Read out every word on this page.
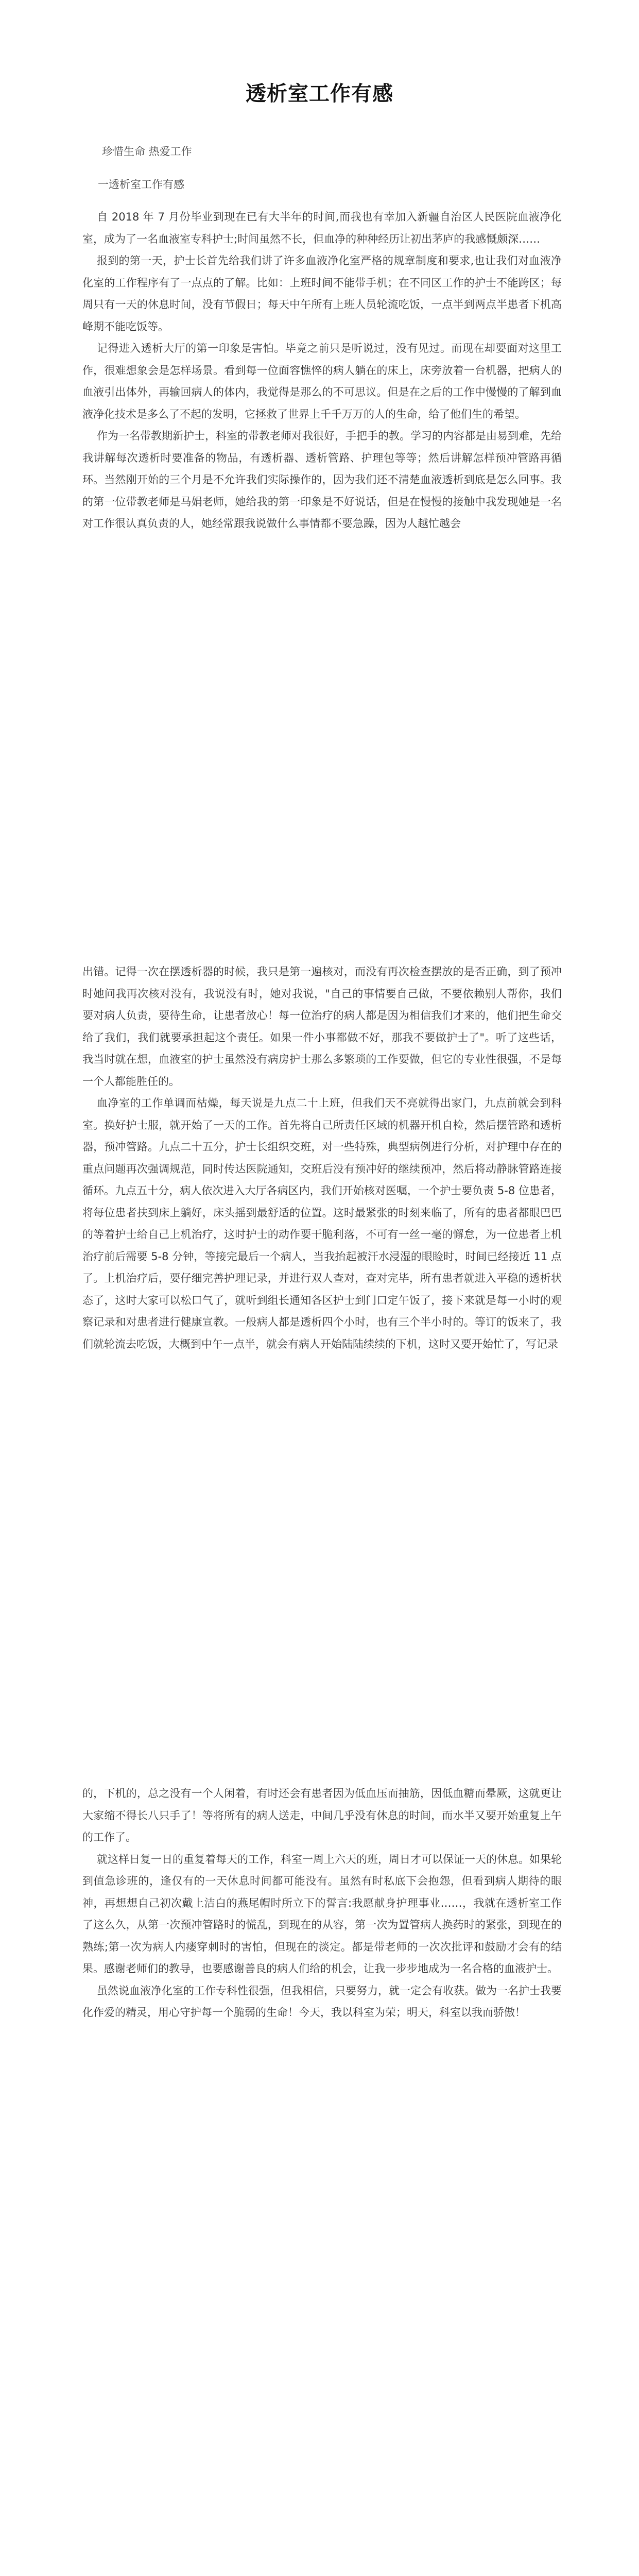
透析室工作有感
珍惜生命 热爱工作
一透析室工作有感

自 2018 年 7 月份毕业到现在已有大半年的时间,而我也有幸加入新疆自治区人民医院血液净化室，成为了一名血液室专科护士;时间虽然不长，但血净的种种经历让初出茅庐的我感慨颇深……

报到的第一天，护士长首先给我们讲了许多血液净化室严格的规章制度和要求,也让我们对血液净化室的工作程序有了一点点的了解。比如：上班时间不能带手机；在不同区工作的护士不能跨区；每周只有一天的休息时间，没有节假日；每天中午所有上班人员轮流吃饭，一点半到两点半患者下机高峰期不能吃饭等。

记得进入透析大厅的第一印象是害怕。毕竟之前只是听说过，没有见过。而现在却要面对这里工作，很难想象会是怎样场景。看到每一位面容憔悴的病人躺在的床上，床旁放着一台机器，把病人的血液引出体外，再输回病人的体内，我觉得是那么的不可思议。但是在之后的工作中慢慢的了解到血液净化技术是多么了不起的发明，它拯救了世界上千千万万的人的生命，给了他们生的希望。

作为一名带教期新护士，科室的带教老师对我很好，手把手的教。学习的内容都是由易到难，先给我讲解每次透析时要准备的物品，有透析器、透析管路、护理包等等；然后讲解怎样预冲管路再循环。当然刚开始的三个月是不允许我们实际操作的，因为我们还不清楚血液透析到底是怎么回事。我的第一位带教老师是马娟老师，她给我的第一印象是不好说话，但是在慢慢的接触中我发现她是一名对工作很认真负责的人，她经常跟我说做什么事情都不要急躁，因为人越忙越会

出错。记得一次在摆透析器的时候，我只是第一遍核对，而没有再次检查摆放的是否正确，到了预冲时她问我再次核对没有，我说没有时，她对我说，"自己的事情要自己做，不要依赖别人帮你，我们要对病人负责，要待生命，让患者放心！每一位治疗的病人都是因为相信我们才来的，他们把生命交给了我们，我们就要承担起这个责任。如果一件小事都做不好，那我不要做护士了"。听了这些话，我当时就在想，血液室的护士虽然没有病房护士那么多繁琐的工作要做，但它的专业性很强，不是每一个人都能胜任的。

血净室的工作单调而枯燥，每天说是九点二十上班，但我们天不亮就得出家门，九点前就会到科室。换好护士服，就开始了一天的工作。首先将自己所责任区域的机器开机自检，然后摆管路和透析器，预冲管路。九点二十五分，护士长组织交班，对一些特殊，典型病例进行分析，对护理中存在的重点问题再次强调规范，同时传达医院通知，交班后没有预冲好的继续预冲，然后将动静脉管路连接循环。九点五十分，病人依次进入大厅各病区内，我们开始核对医嘱，一个护士要负责 5-8 位患者，将每位患者扶到床上躺好，床头摇到最舒适的位置。这时最紧张的时刻来临了，所有的患者都眼巴巴的等着护士给自己上机治疗，这时护士的动作要干脆利落，不可有一丝一毫的懈怠，为一位患者上机治疗前后需要 5-8 分钟，等接完最后一个病人，当我抬起被汗水浸湿的眼睑时，时间已经接近 11 点了。上机治疗后，要仔细完善护理记录，并进行双人查对，查对完毕，所有患者就进入平稳的透析状态了，这时大家可以松口气了，就听到组长通知各区护士到门口定午饭了，接下来就是每一小时的观察记录和对患者进行健康宣教。一般病人都是透析四个小时，也有三个半小时的。等订的饭来了，我们就轮流去吃饭，大概到中午一点半，就会有病人开始陆陆续续的下机，这时又要开始忙了，写记录

的，下机的，总之没有一个人闲着，有时还会有患者因为低血压而抽筋，因低血糖而晕厥，这就更让大家缩不得长八只手了！等将所有的病人送走，中间几乎没有休息的时间，而水半又要开始重复上午的工作了。

就这样日复一日的重复着每天的工作，科室一周上六天的班，周日才可以保证一天的休息。如果轮到值急诊班的，逢仅有的一天休息时间都可能没有。虽然有时私底下会抱怨，但看到病人期待的眼神，再想想自己初次戴上洁白的燕尾帽时所立下的誓言:我愿献身护理事业……，我就在透析室工作了这么久，从第一次预冲管路时的慌乱，到现在的从容，第一次为置管病人换药时的紧张，到现在的熟练;第一次为病人内瘘穿刺时的害怕，但现在的淡定。都是带老师的一次次批评和鼓励才会有的结果。感谢老师们的教导，也要感谢善良的病人们给的机会，让我一步步地成为一名合格的血液护士。

虽然说血液净化室的工作专科性很强，但我相信，只要努力，就一定会有收获。做为一名护士我要化作爱的精灵，用心守护每一个脆弱的生命！今天，我以科室为荣；明天，科室以我而骄傲！
